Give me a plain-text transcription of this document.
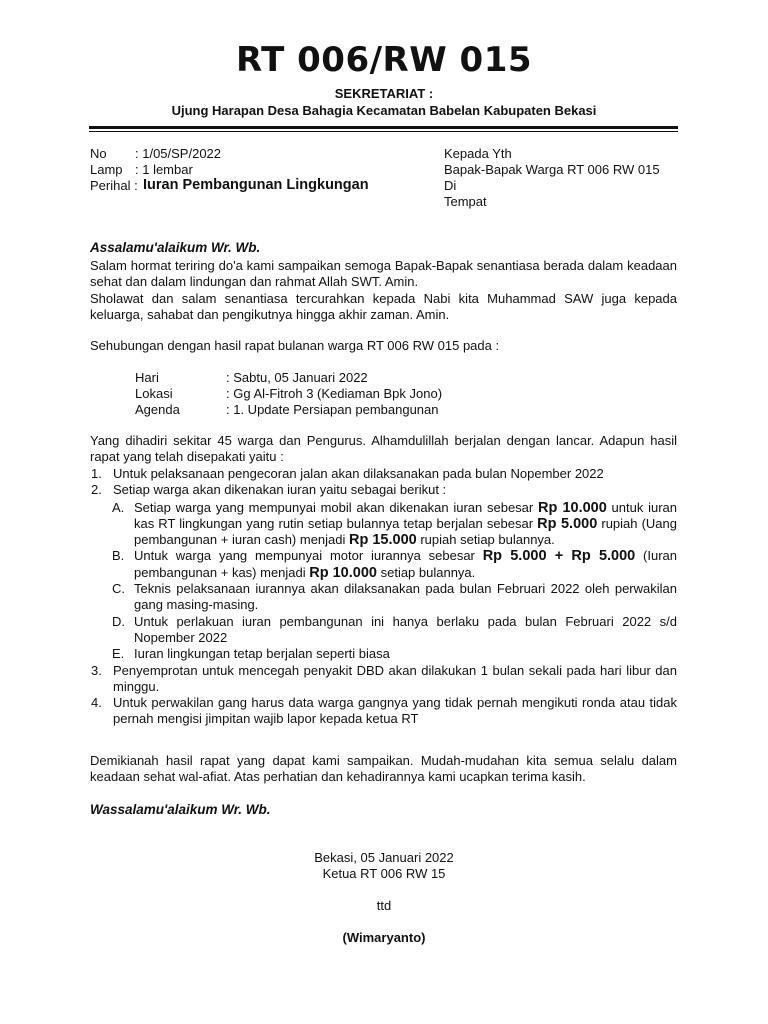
RT 006/RW 015
SEKRETARIAT :
Ujung Harapan Desa Bahagia Kecamatan Babelan Kabupaten Bekasi
No : 1/05/SP/2022
Lamp : 1 lembar
Perihal : Iuran Pembangunan Lingkungan
Kepada Yth
Bapak-Bapak Warga RT 006 RW 015
Di
Tempat
Assalamu'alaikum Wr. Wb.

Salam hormat teriring do'a kami sampaikan semoga Bapak-Bapak senantiasa berada dalam keadaan sehat dan dalam lindungan dan rahmat Allah SWT. Amin.

Sholawat dan salam senantiasa tercurahkan kepada Nabi kita Muhammad SAW juga kepada keluarga, sahabat dan pengikutnya hingga akhir zaman. Amin.

Sehubungan dengan hasil rapat bulanan warga RT 006 RW 015 pada :
Hari	: Sabtu, 05 Januari 2022
Lokasi	: Gg Al-Fitroh 3 (Kediaman Bpk Jono)
Agenda	: 1. Update Persiapan pembangunan
Yang dihadiri sekitar 45 warga dan Pengurus. Alhamdulillah berjalan dengan lancar. Adapun hasil rapat yang telah disepakati yaitu :
1. Untuk pelaksanaan pengecoran jalan akan dilaksanakan pada bulan Nopember 2022
2. Setiap warga akan dikenakan iuran yaitu sebagai berikut :
A. Setiap warga yang mempunyai mobil akan dikenakan iuran sebesar Rp 10.000 untuk iuran kas RT lingkungan yang rutin setiap bulannya tetap berjalan sebesar Rp 5.000 rupiah (Uang pembangunan + iuran cash) menjadi Rp 15.000 rupiah setiap bulannya.
B. Untuk warga yang mempunyai motor iurannya sebesar Rp 5.000 + Rp 5.000 (Iuran pembangunan + kas) menjadi Rp 10.000 setiap bulannya.
C. Teknis pelaksanaan iurannya akan dilaksanakan pada bulan Februari 2022 oleh perwakilan gang masing-masing.
D. Untuk perlakuan iuran pembangunan ini hanya berlaku pada bulan Februari 2022 s/d Nopember 2022
E. Iuran lingkungan tetap berjalan seperti biasa
3. Penyemprotan untuk mencegah penyakit DBD akan dilakukan 1 bulan sekali pada hari libur dan minggu.
4. Untuk perwakilan gang harus data warga gangnya yang tidak pernah mengikuti ronda atau tidak pernah mengisi jimpitan wajib lapor kepada ketua RT
Demikianah hasil rapat yang dapat kami sampaikan. Mudah-mudahan kita semua selalu dalam keadaan sehat wal-afiat. Atas perhatian dan kehadirannya kami ucapkan terima kasih.
Wassalamu'alaikum Wr. Wb.
Bekasi, 05 Januari 2022
Ketua RT 006 RW 15
ttd
(Wimaryanto)
